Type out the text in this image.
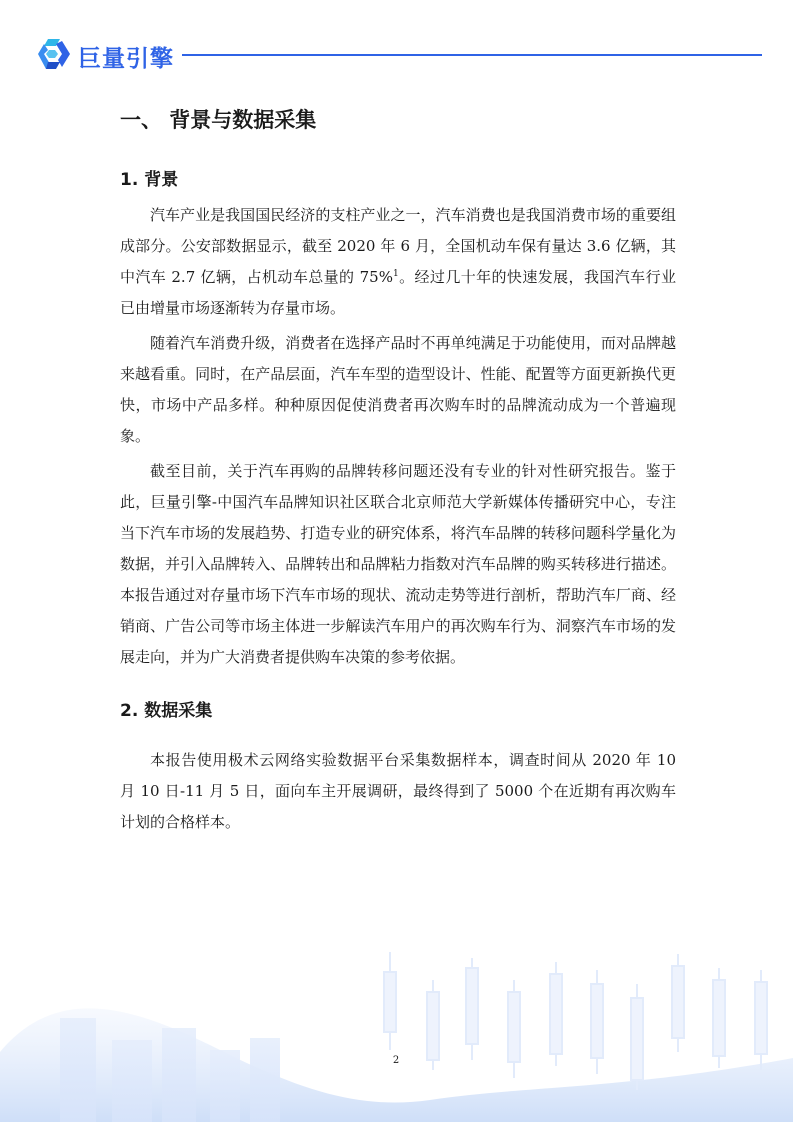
巨量引擎
一、 背景与数据采集
1. 背景

汽车产业是我国国民经济的支柱产业之一，汽车消费也是我国消费市场的重要组成部分。公安部数据显示，截至 2020 年 6 月，全国机动车保有量达 3.6 亿辆，其中汽车 2.7 亿辆，占机动车总量的 75%$^1$。经过几十年的快速发展，我国汽车行业已由增量市场逐渐转为存量市场。

随着汽车消费升级，消费者在选择产品时不再单纯满足于功能使用，而对品牌越来越看重。同时，在产品层面，汽车车型的造型设计、性能、配置等方面更新换代更快，市场中产品多样。种种原因促使消费者再次购车时的品牌流动成为一个普遍现象。

截至目前，关于汽车再购的品牌转移问题还没有专业的针对性研究报告。鉴于此，巨量引擎-中国汽车品牌知识社区联合北京师范大学新媒体传播研究中心，专注当下汽车市场的发展趋势、打造专业的研究体系，将汽车品牌的转移问题科学量化为数据，并引入品牌转入、品牌转出和品牌粘力指数对汽车品牌的购买转移进行描述。本报告通过对存量市场下汽车市场的现状、流动走势等进行剖析，帮助汽车厂商、经销商、广告公司等市场主体进一步解读汽车用户的再次购车行为、洞察汽车市场的发展走向，并为广大消费者提供购车决策的参考依据。

2. 数据采集

本报告使用极术云网络实验数据平台采集数据样本，调查时间从 2020 年 10 月 10 日-11 月 5 日，面向车主开展调研，最终得到了 5000 个在近期有再次购车计划的合格样本。

2
